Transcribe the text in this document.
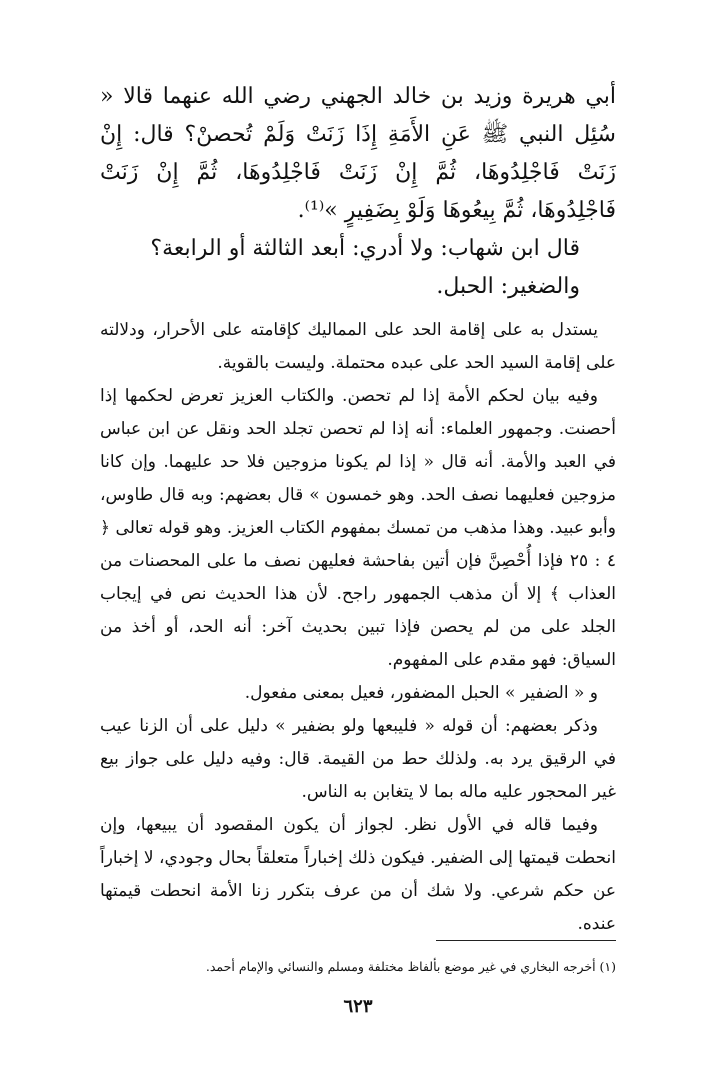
أبي هريرة وزيد بن خالد الجهني رضي الله عنهما قالا « سُئِل النبي ﷺ عَنِ الأَمَةِ إِذَا زَنَتْ وَلَمْ تُحصنْ؟ قال: إِنْ زَنَتْ فَاجْلِدُوهَا، ثُمَّ إِنْ زَنَتْ فَاجْلِدُوهَا، ثُمَّ إِنْ زَنَتْ فَاجْلِدُوهَا، ثُمَّ بِيعُوهَا وَلَوْ بِضَفِيرٍ »⁽¹⁾.

قال ابن شهاب: ولا أدري: أبعد الثالثة أو الرابعة؟

والضغير: الحبل.

يستدل به على إقامة الحد على المماليك كإقامته على الأحرار، ودلالته على إقامة السيد الحد على عبده محتملة. وليست بالقوية.

وفيه بيان لحكم الأمة إذا لم تحصن. والكتاب العزيز تعرض لحكمها إذا أحصنت. وجمهور العلماء: أنه إذا لم تحصن تجلد الحد ونقل عن ابن عباس في العبد والأمة. أنه قال « إذا لم يكونا مزوجين فلا حد عليهما. وإن كانا مزوجين فعليهما نصف الحد. وهو خمسون » قال بعضهم: وبه قال طاوس، وأبو عبيد. وهذا مذهب من تمسك بمفهوم الكتاب العزيز. وهو قوله تعالى ﴿ ٤ : ٢٥ فإذا أُحْصِنَّ فإن أتين بفاحشة فعليهن نصف ما على المحصنات من العذاب ﴾ إلا أن مذهب الجمهور راجح. لأن هذا الحديث نص في إيجاب الجلد على من لم يحصن فإذا تبين بحديث آخر: أنه الحد، أو أخذ من السياق: فهو مقدم على المفهوم.

و « الضفير » الحبل المضفور، فعيل بمعنى مفعول.

وذكر بعضهم: أن قوله « فليبعها ولو بضفير » دليل على أن الزنا عيب في الرقيق يرد به. ولذلك حط من القيمة. قال: وفيه دليل على جواز بيع غير المحجور عليه ماله بما لا يتغابن به الناس.

وفيما قاله في الأول نظر. لجواز أن يكون المقصود أن يبيعها، وإن انحطت قيمتها إلى الضفير. فيكون ذلك إخباراً متعلقاً بحال وجودي، لا إخباراً عن حكم شرعي. ولا شك أن من عرف بتكرر زنا الأمة انحطت قيمتها عنده.

(١) أخرجه البخاري في غير موضع بألفاظ مختلفة ومسلم والنسائي والإمام أحمد.

٦٢٣
